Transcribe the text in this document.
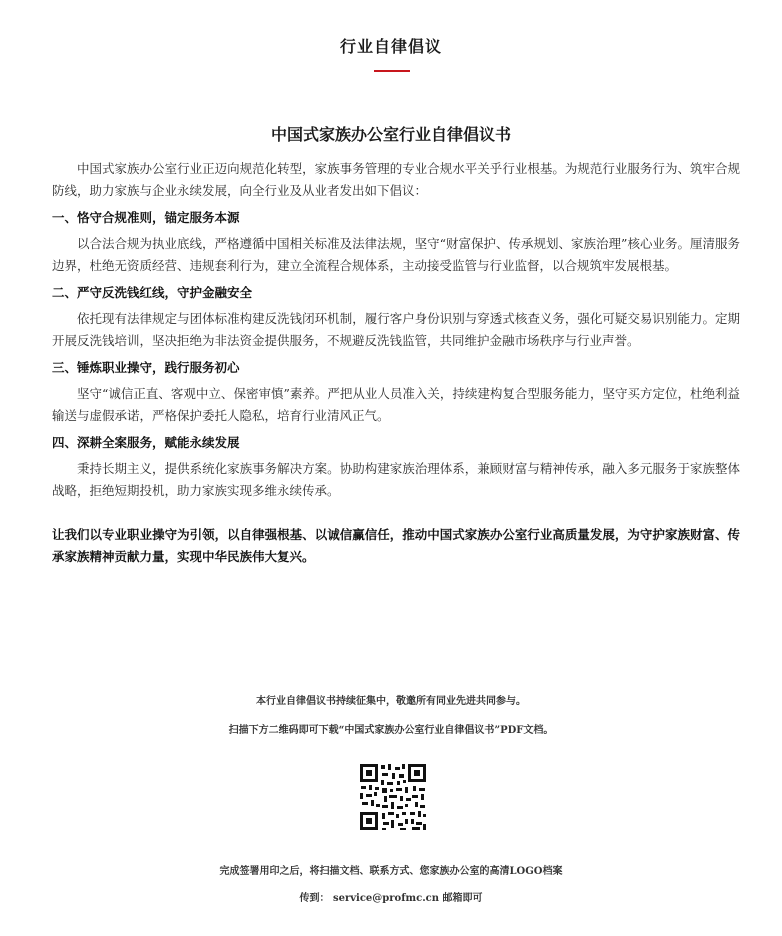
行业自律倡议
中国式家族办公室行业自律倡议书

中国式家族办公室行业正迈向规范化转型，家族事务管理的专业合规水平关乎行业根基。为规范行业服务行为、筑牢合规防线，助力家族与企业永续发展，向全行业及从业者发出如下倡议：

一、恪守合规准则，锚定服务本源

以合法合规为执业底线，严格遵循中国相关标准及法律法规，坚守“财富保护、传承规划、家族治理”核心业务。厘清服务边界，杜绝无资质经营、违规套利行为，建立全流程合规体系，主动接受监管与行业监督，以合规筑牢发展根基。

二、严守反洗钱红线，守护金融安全

依托现有法律规定与团体标准构建反洗钱闭环机制，履行客户身份识别与穿透式核查义务，强化可疑交易识别能力。定期开展反洗钱培训，坚决拒绝为非法资金提供服务，不规避反洗钱监管，共同维护金融市场秩序与行业声誉。

三、锤炼职业操守，践行服务初心

坚守“诚信正直、客观中立、保密审慎”素养。严把从业人员准入关，持续建构复合型服务能力，坚守买方定位，杜绝利益输送与虚假承诺，严格保护委托人隐私，培育行业清风正气。

四、深耕全案服务，赋能永续发展

秉持长期主义，提供系统化家族事务解决方案。协助构建家族治理体系，兼顾财富与精神传承，融入多元服务于家族整体战略，拒绝短期投机，助力家族实现多维永续传承。

让我们以专业职业操守为引领，以自律强根基、以诚信赢信任，推动中国式家族办公室行业高质量发展，为守护家族财富、传承家族精神贡献力量，实现中华民族伟大复兴。

本行业自律倡议书持续征集中，敬邀所有同业先进共同参与。
扫描下方二维码即可下载“中国式家族办公室行业自律倡议书”PDF文档。
完成签署用印之后，将扫描文档、联系方式、您家族办公室的高清LOGO档案
传到： service@profmc.cn 邮箱即可
